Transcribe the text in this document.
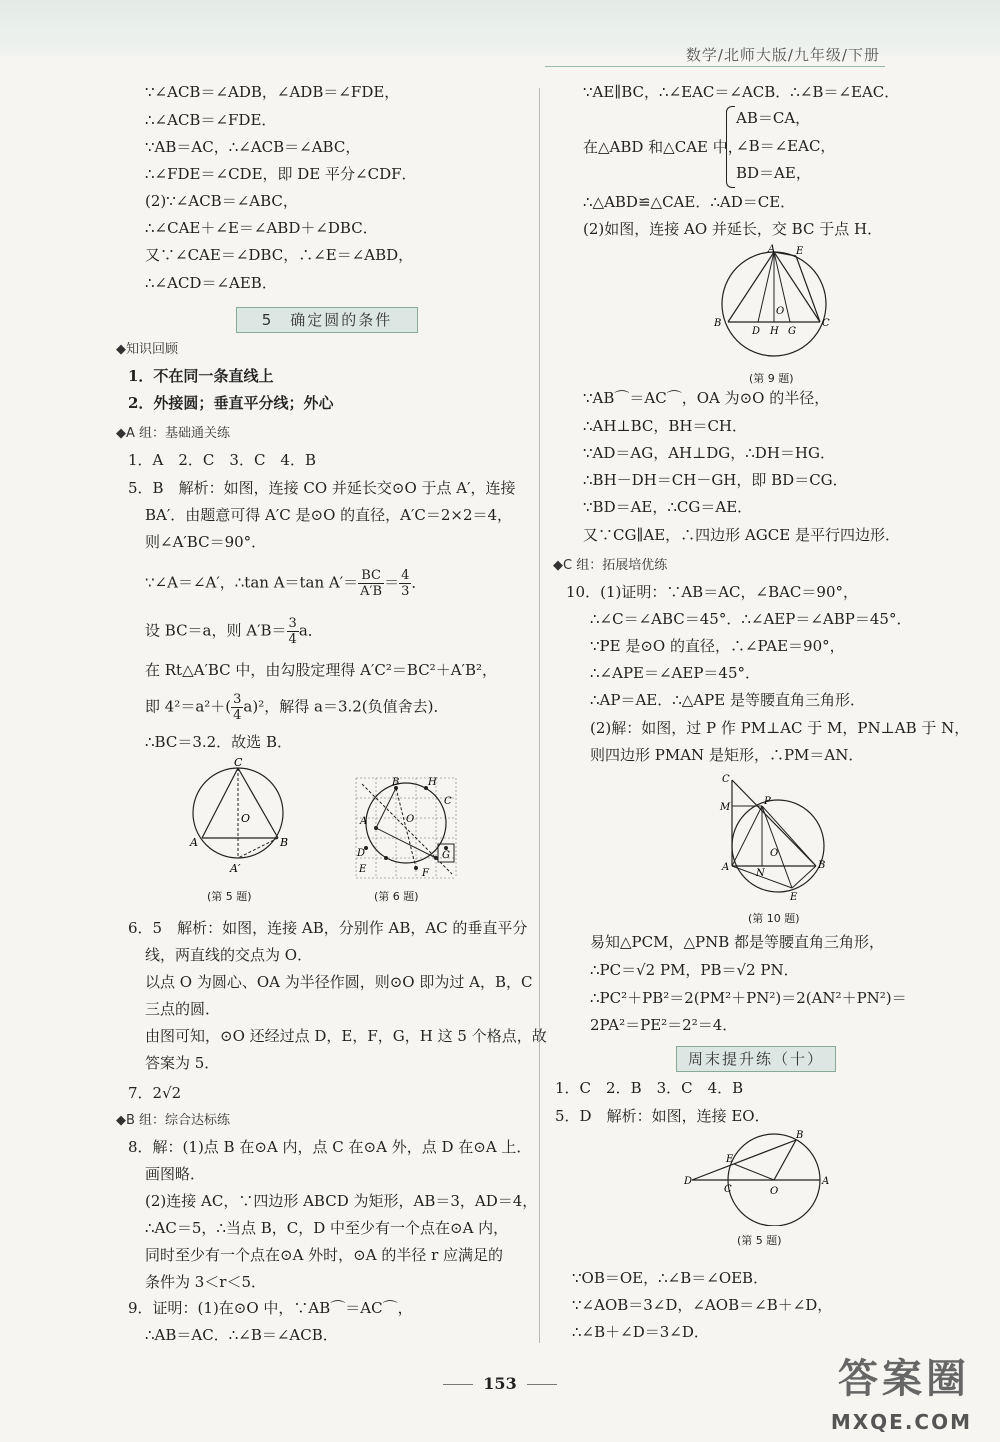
数学/北师大版/九年级/下册
∵∠ACB＝∠ADB，∠ADB＝∠FDE，
∴∠ACB＝∠FDE．
∵AB＝AC，∴∠ACB＝∠ABC，
∴∠FDE＝∠CDE，即 DE 平分∠CDF．
(2)∵∠ACB＝∠ABC，
∴∠CAE＋∠E＝∠ABD＋∠DBC．
又∵∠CAE＝∠DBC，∴∠E＝∠ABD，
∴∠ACD＝∠AEB．
5　确定圆的条件
◆知识回顾
1．不在同一条直线上
2．外接圆；垂直平分线；外心
◆A 组：基础通关练
1．A　2．C　3．C　4．B
5．B　解析：如图，连接 CO 并延长交⊙O 于点 A′，连接
BA′．由题意可得 A′C 是⊙O 的直径，A′C＝2×2＝4，
则∠A′BC＝90°．
∵∠A＝∠A′，∴tan A＝tan $A'= \frac{BC}{A'B} = \frac{4}{3}$ ．
设 BC＝a，则 $A'B= \frac{3}{4}$ a．
在 Rt△A′BC 中，由勾股定理得 A′C²＝BC²＋A′B²，
即 $4^2=a^2+( \frac{3}{4} a)^2$，解得 a＝3.2(负值舍去)．
∴BC＝3.2．故选 B．
C
O
A	B
A′
(第 5 题)
B	H
C
A	O
D
E	F
G
(第 6 题)
6．5　解析：如图，连接 AB，分别作 AB，AC 的垂直平分
线，两直线的交点为 O．
以点 O 为圆心、OA 为半径作圆，则⊙O 即为过 A，B，C
三点的圆．
由图可知，⊙O 还经过点 D，E，F，G，H 这 5 个格点，故
答案为 5．
7．2√2
◆B 组：综合达标练
8．解：(1)点 B 在⊙A 内，点 C 在⊙A 外，点 D 在⊙A 上．
画图略．
(2)连接 AC，∵四边形 ABCD 为矩形，AB＝3，AD＝4，
∴AC＝5，∴当点 B，C，D 中至少有一个点在⊙A 内，
同时至少有一个点在⊙A 外时，⊙A 的半径 r 应满足的
条件为 3＜r＜5．
9．证明：(1)在⊙O 中，∵AB⌒＝AC⌒，
∴AB＝AC．∴∠B＝∠ACB．
∵AE∥BC，∴∠EAC＝∠ACB．∴∠B＝∠EAC．
在△ABD 和△CAE 中，
AB＝CA，
∠B＝∠EAC，
BD＝AE，
∴△ABD≌△CAE．∴AD＝CE．
(2)如图，连接 AO 并延长，交 BC 于点 H．
A E
O
B	C
D H G
(第 9 题)
∵AB⌒＝AC⌒，OA 为⊙O 的半径，
∴AH⊥BC，BH＝CH．
∵AD＝AG，AH⊥DG，∴DH＝HG．
∴BH－DH＝CH－GH，即 BD＝CG．
∵BD＝AE，∴CG＝AE．
又∵CG∥AE，∴四边形 AGCE 是平行四边形．
◆C 组：拓展培优练
10．(1)证明：∵AB＝AC，∠BAC＝90°，
∴∠C＝∠ABC＝45°．∴∠AEP＝∠ABP＝45°．
∵PE 是⊙O 的直径，∴∠PAE＝90°，
∴∠APE＝∠AEP＝45°．
∴AP＝AE．∴△APE 是等腰直角三角形．
(2)解：如图，过 P 作 PM⊥AC 于 M，PN⊥AB 于 N，
则四边形 PMAN 是矩形，∴PM＝AN．
C
M
P
O
A
N
B
E
(第 10 题)
易知△PCM，△PNB 都是等腰直角三角形，
∴PC＝√2 PM，PB＝√2 PN．
∴PC²＋PB²＝2(PM²＋PN²)＝2(AN²＋PN²)＝
2PA²＝PE²＝2²＝4．
周末提升练（十）
1．C　2．B　3．C　4．B
5．D　解析：如图，连接 EO．
D
E
C	O
B
A
(第 5 题)
∵OB＝OE，∴∠B＝∠OEB．
∵∠AOB＝3∠D，∠AOB＝∠B＋∠D，
∴∠B＋∠D＝3∠D．
153	答案圈
MXQE.COM
